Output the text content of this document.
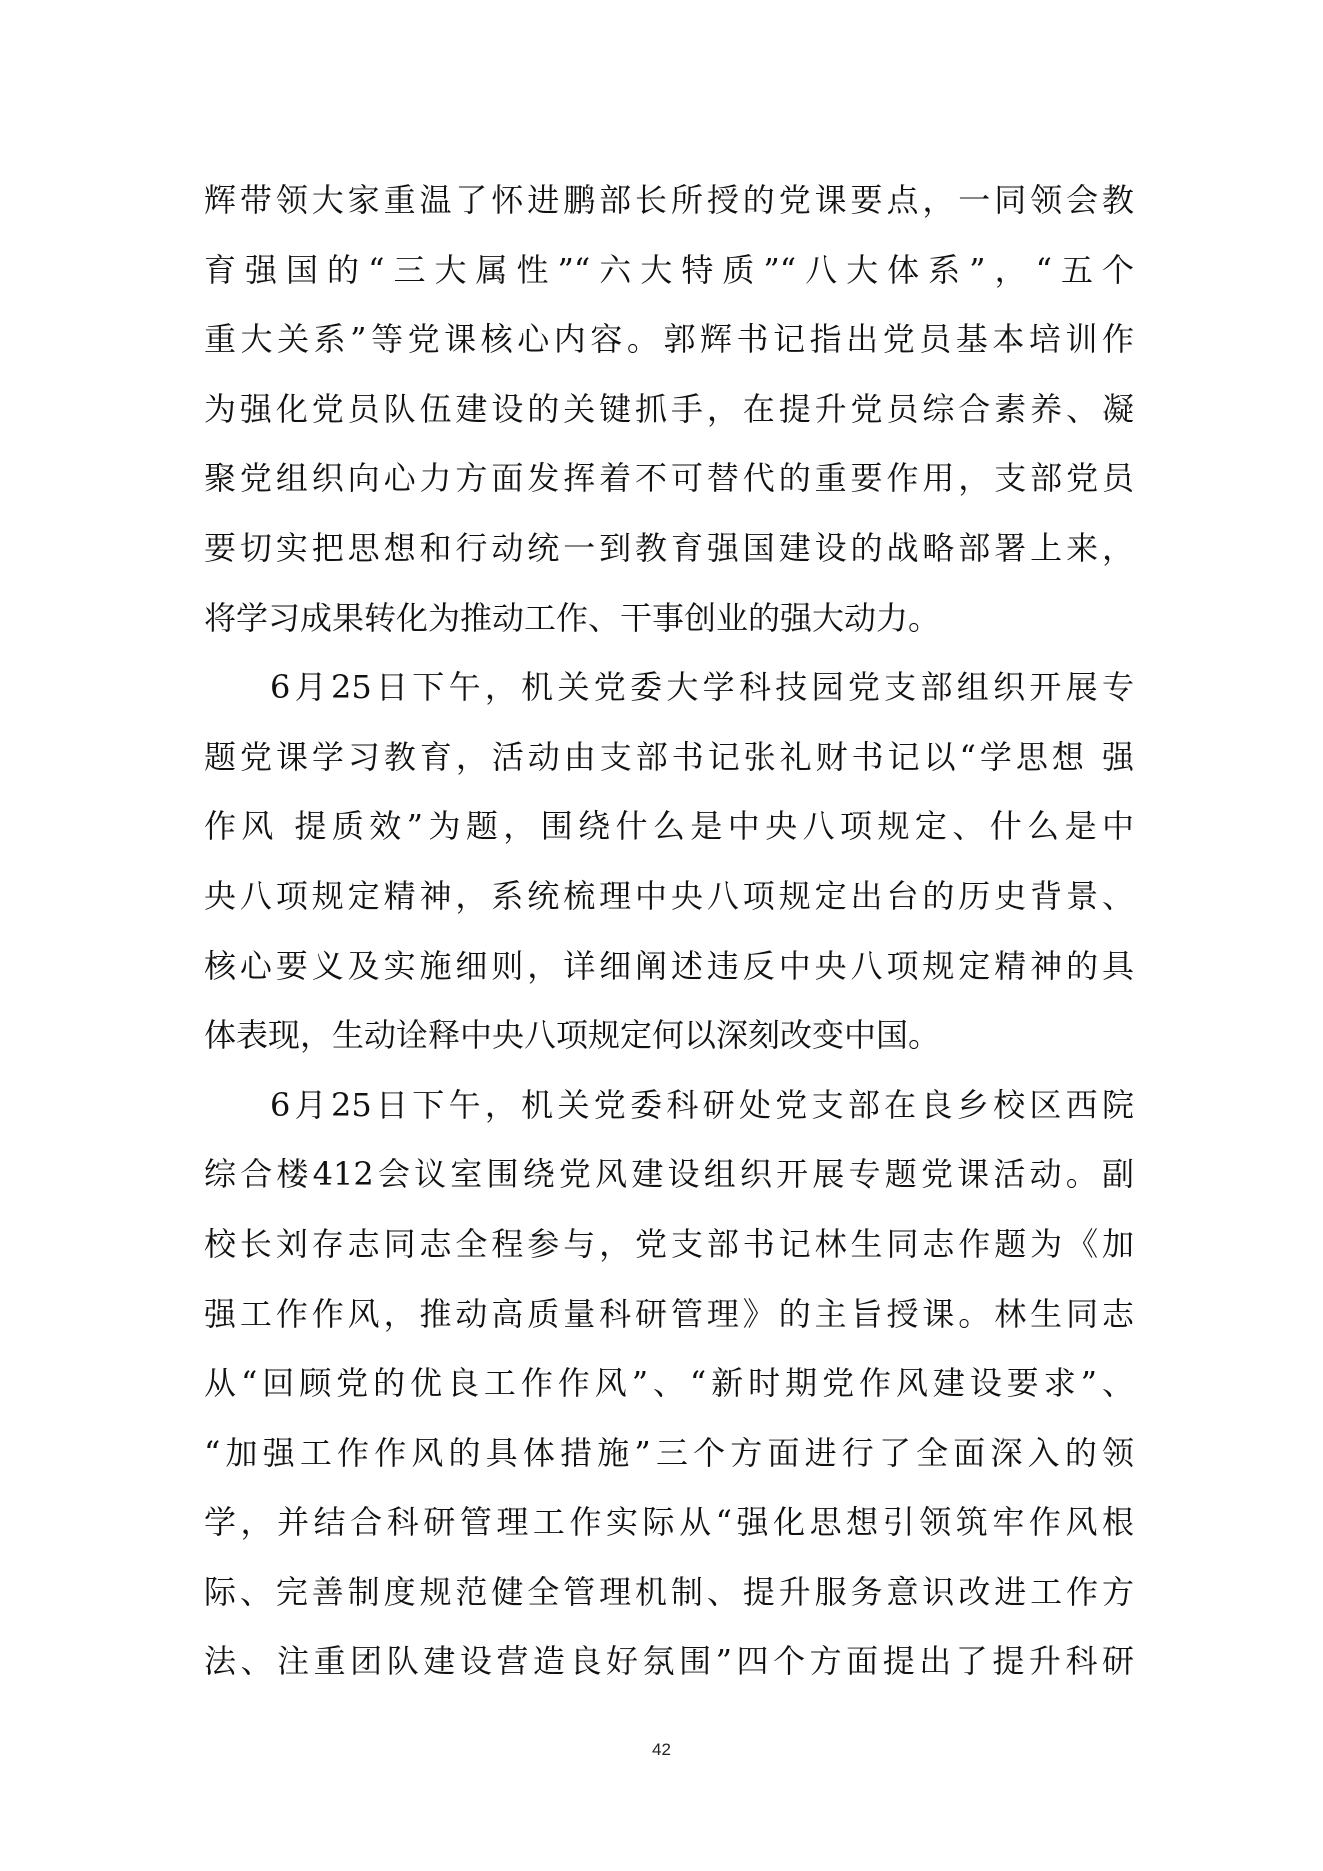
辉带领大家重温了怀进鹏部长所授的党课要点，一同领会教
育强国的“三大属性”“六大特质”“八大体系”，“五个
重大关系”等党课核心内容。郭辉书记指出党员基本培训作
为强化党员队伍建设的关键抓手，在提升党员综合素养、凝
聚党组织向心力方面发挥着不可替代的重要作用，支部党员
要切实把思想和行动统一到教育强国建设的战略部署上来，
将学习成果转化为推动工作、干事创业的强大动力。
6月25日下午，机关党委大学科技园党支部组织开展专
题党课学习教育，活动由支部书记张礼财书记以“学思想 强
作风 提质效”为题，围绕什么是中央八项规定、什么是中
央八项规定精神，系统梳理中央八项规定出台的历史背景、
核心要义及实施细则，详细阐述违反中央八项规定精神的具
体表现，生动诠释中央八项规定何以深刻改变中国。
6月25日下午，机关党委科研处党支部在良乡校区西院
综合楼412会议室围绕党风建设组织开展专题党课活动。副
校长刘存志同志全程参与，党支部书记林生同志作题为《加
强工作作风，推动高质量科研管理》的主旨授课。林生同志
从“回顾党的优良工作作风”、“新时期党作风建设要求”、
“加强工作作风的具体措施”三个方面进行了全面深入的领
学，并结合科研管理工作实际从“强化思想引领筑牢作风根
际、完善制度规范健全管理机制、提升服务意识改进工作方
法、注重团队建设营造良好氛围”四个方面提出了提升科研
42
